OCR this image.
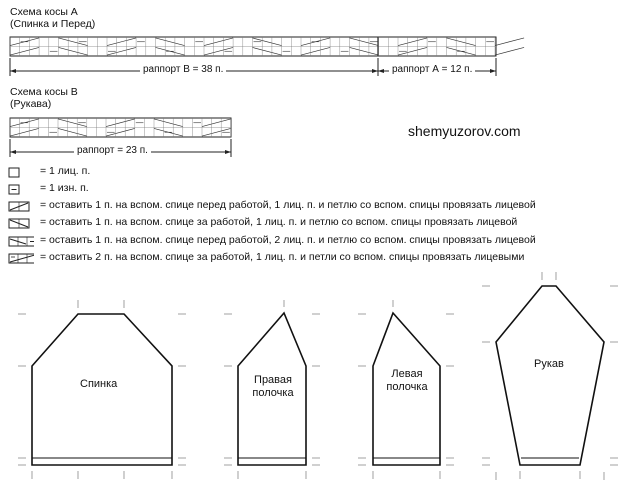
Схема косы А
(Спинка и Перед)
раппорт В = 38 п.	раппорт А = 12 п.
Схема косы В
(Рукава)
раппорт = 23 п.
shemyuzorov.com
= 1 лиц. п.
= 1 изн. п.
= оставить 1 п. на вспом. спице перед работой, 1 лиц. п. и петлю со вспом. спицы провязать лицевой
= оставить 1 п. на вспом. спице за работой, 1 лиц. п. и петлю со вспом. спицы провязать лицевой
= оставить 1 п. на вспом. спице перед работой, 2 лиц. п. и петлю со вспом. спицы провязать лицевой
= оставить 2 п. на вспом. спице за работой, 1 лиц. п. и петли со вспом. спицы провязать лицевыми
Спинка	Правая
полочка
Левая
полочка
Рукав
